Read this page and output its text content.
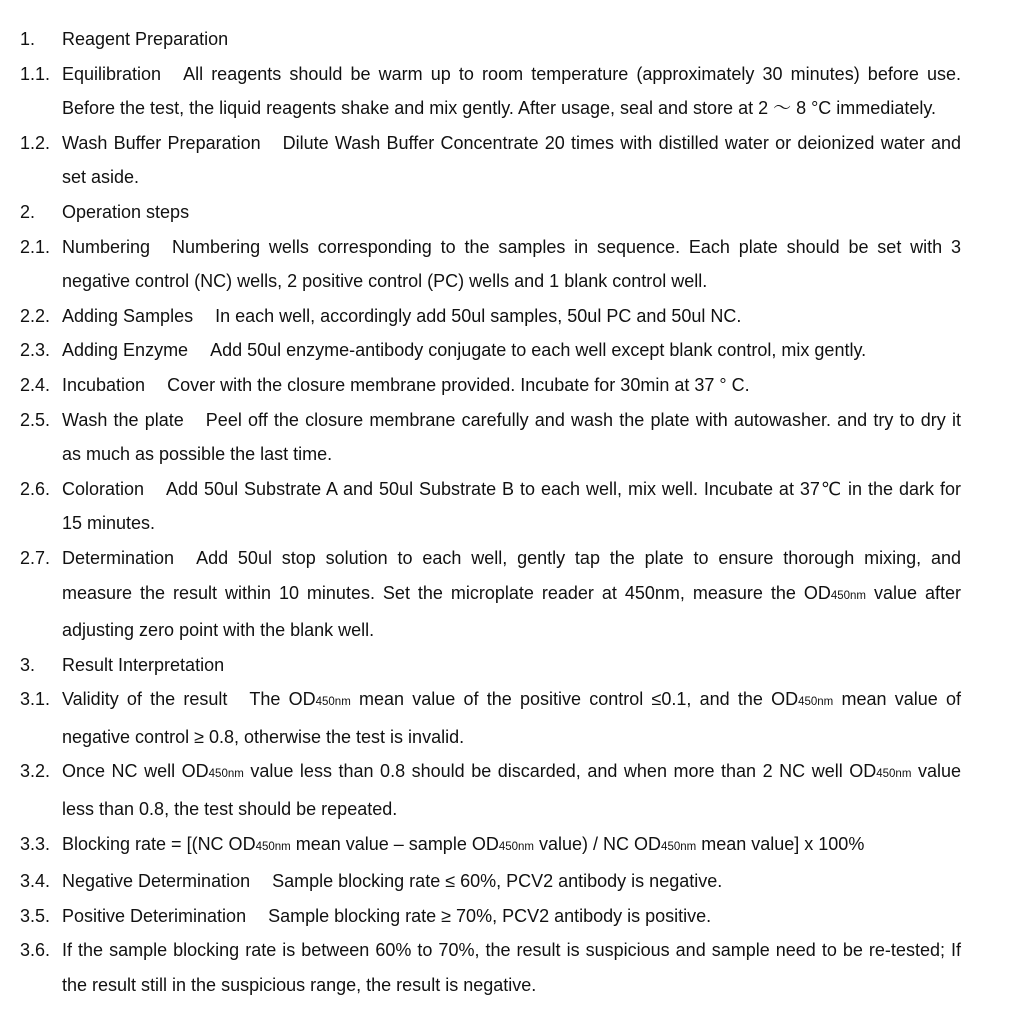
1. Reagent Preparation
1.1. Equilibration All reagents should be warm up to room temperature (approximately 30 minutes) before use. Before the test, the liquid reagents shake and mix gently. After usage, seal and store at 2 ～ 8 °C immediately.
1.2. Wash Buffer Preparation Dilute Wash Buffer Concentrate 20 times with distilled water or deionized water and set aside.
2. Operation steps
2.1. Numbering Numbering wells corresponding to the samples in sequence. Each plate should be set with 3 negative control (NC) wells, 2 positive control (PC) wells and 1 blank control well.
2.2. Adding Samples In each well, accordingly add 50ul samples, 50ul PC and 50ul NC.
2.3. Adding Enzyme Add 50ul enzyme-antibody conjugate to each well except blank control, mix gently.
2.4. Incubation Cover with the closure membrane provided. Incubate for 30min at 37 ° C.
2.5. Wash the plate Peel off the closure membrane carefully and wash the plate with autowasher. and try to dry it as much as possible the last time.
2.6. Coloration Add 50ul Substrate A and 50ul Substrate B to each well, mix well. Incubate at 37℃ in the dark for 15 minutes.
2.7. Determination Add 50ul stop solution to each well, gently tap the plate to ensure thorough mixing, and measure the result within 10 minutes. Set the microplate reader at 450nm, measure the OD450nm value after adjusting zero point with the blank well.
3. Result Interpretation
3.1. Validity of the result The OD450nm mean value of the positive control ≤0.1, and the OD450nm mean value of negative control ≥ 0.8, otherwise the test is invalid.
3.2. Once NC well OD450nm value less than 0.8 should be discarded, and when more than 2 NC well OD450nm value less than 0.8, the test should be repeated.
3.3. Blocking rate = [(NC OD450nm mean value – sample OD450nm value) / NC OD450nm mean value] x 100%
3.4. Negative Determination Sample blocking rate ≤ 60%, PCV2 antibody is negative.
3.5. Positive Deterimination Sample blocking rate ≥ 70%, PCV2 antibody is positive.
3.6. If the sample blocking rate is between 60% to 70%, the result is suspicious and sample need to be re-tested; If the result still in the suspicious range, the result is negative.
